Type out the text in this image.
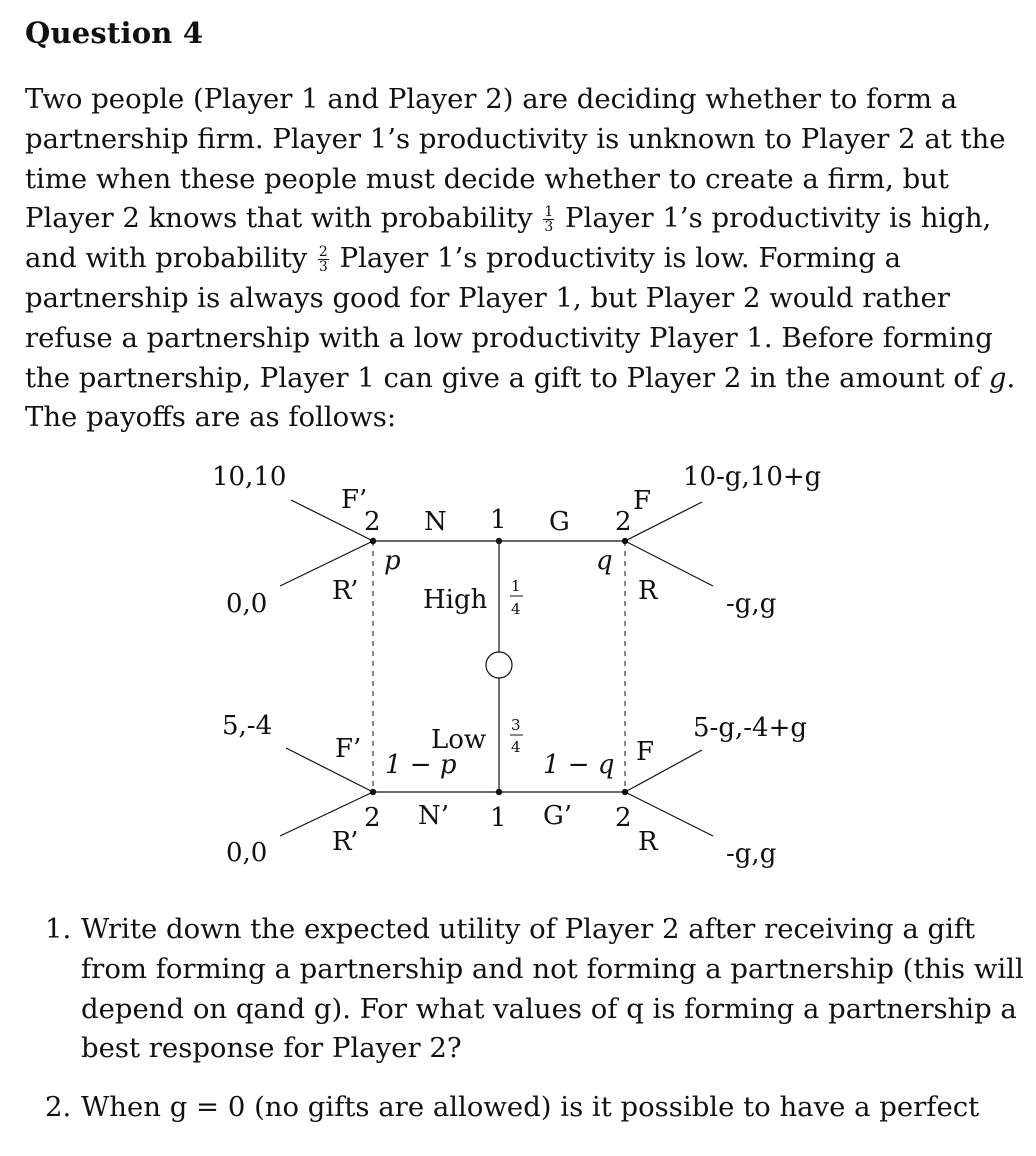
Question 4
Two people (Player 1 and Player 2) are deciding whether to form a
partnership firm. Player 1’s productivity is unknown to Player 2 at the
time when these people must decide whether to create a firm, but
Player 2 knows that with probability $\frac{1}{3}$ Player 1’s productivity is high,
and with probability $\frac{2}{3}$ Player 1’s productivity is low. Forming a
partnership is always good for Player 1, but Player 2 would rather
refuse a partnership with a low productivity Player 1. Before forming
the partnership, Player 1 can give a gift to Player 2 in the amount of g.
The payoffs are as follows:
10,10
0,0
5,-4
0,0
10-g,10+g
-g,g
5-g,-4+g
-g,g
F’
R’
F’
R’
F
R
F
R
2 N 1 G 2
2 N’ 1 G’ 2
p	q
1 − p	1 − q
High 1
4
Low 3
4
1. Write down the expected utility of Player 2 after receiving a gift
from forming a partnership and not forming a partnership (this will
depend on qand g). For what values of q is forming a partnership a
best response for Player 2?
2. When g = 0 (no gifts are allowed) is it possible to have a perfect
